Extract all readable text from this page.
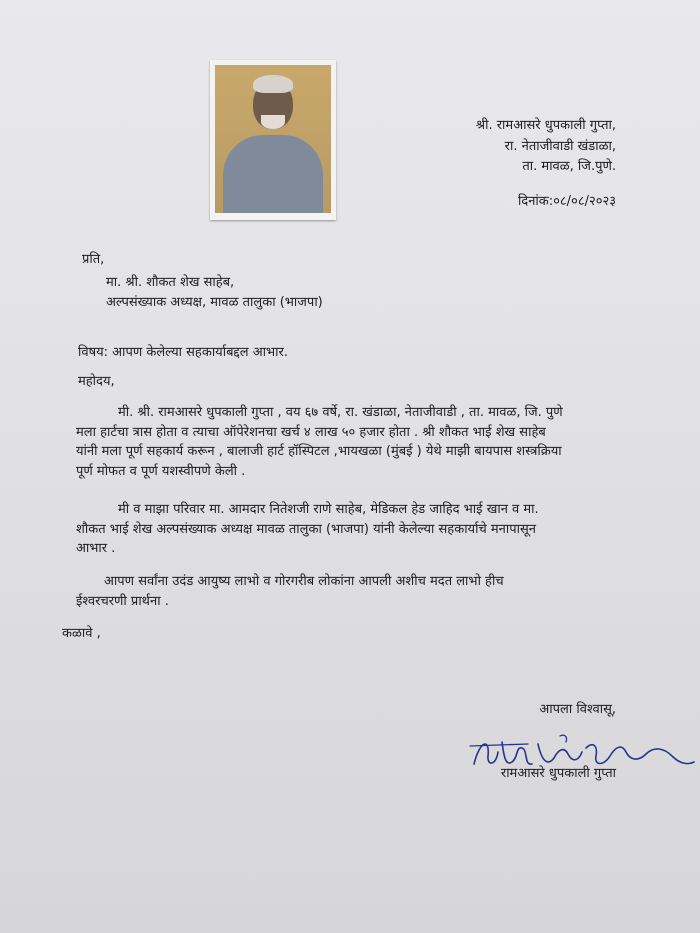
श्री. रामआसरे धुपकाली गुप्ता,
रा. नेताजीवाडी खंडाळा,
ता. मावळ, जि.पुणे.
दिनांक:०८/०८/२०२३
प्रति,
मा. श्री. शौकत शेख साहेब,
अल्पसंख्याक अध्यक्ष, मावळ तालुका (भाजपा)
विषय: आपण केलेल्या सहकार्याबद्दल आभार.
महोदय,
मी. श्री. रामआसरे धुपकाली गुप्ता , वय ६७ वर्षे, रा. खंडाळा, नेताजीवाडी , ता. मावळ, जि. पुणे
मला हार्टचा त्रास होता व त्याचा ऑपेरेशनचा खर्च ४ लाख ५० हजार होता . श्री शौकत भाई शेख साहेब
यांनी मला पूर्ण सहकार्य करून , बालाजी हार्ट हॉस्पिटल ,भायखळा (मुंबई ) येथे माझी बायपास शस्त्रक्रिया
पूर्ण मोफत व पूर्ण यशस्वीपणे केली .
मी व माझा परिवार मा. आमदार नितेशजी राणे साहेब, मेडिकल हेड जाहिद भाई खान व मा.
शौकत भाई शेख अल्पसंख्याक अध्यक्ष मावळ तालुका (भाजपा) यांनी केलेल्या सहकार्याचे मनापासून
आभार .
आपण सर्वांना उदंड आयुष्य लाभो व गोरगरीब लोकांना आपली अशीच मदत लाभो हीच
ईश्वरचरणी प्रार्थना .
कळावे ,
आपला विश्वासू,
रामआसरे धुपकाली गुप्ता
